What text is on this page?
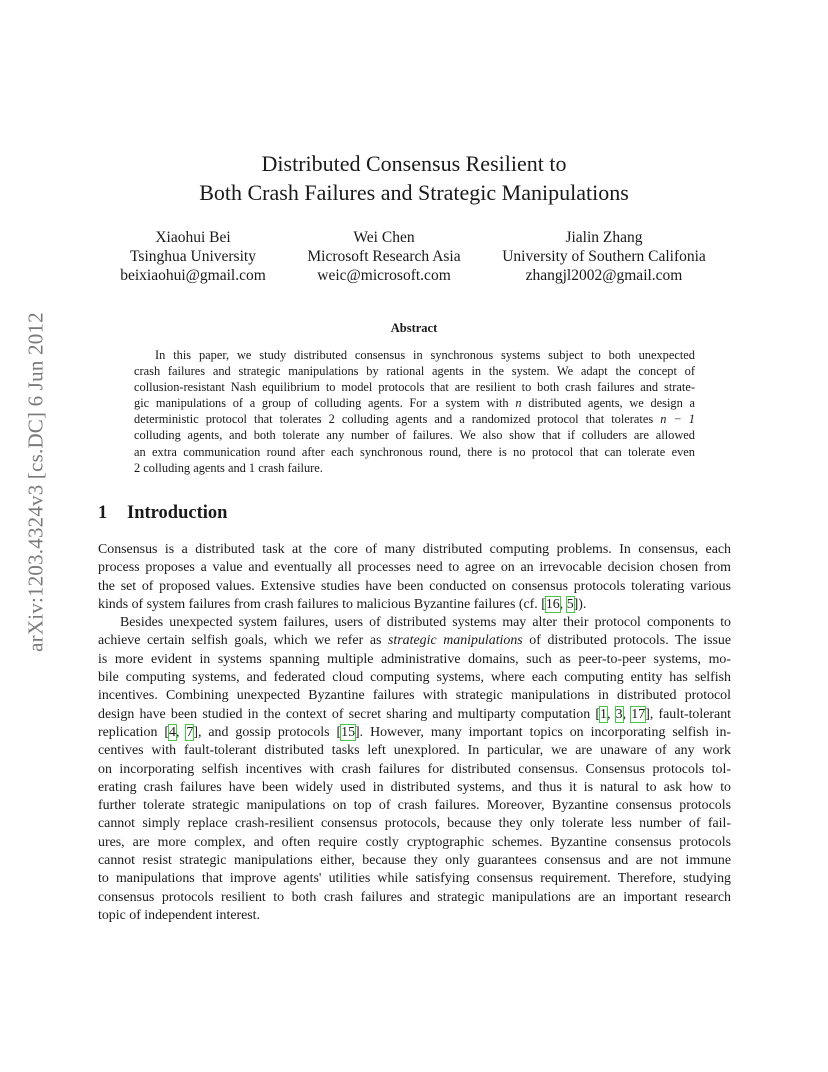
arXiv:1203.4324v3 [cs.DC] 6 Jun 2012
Distributed Consensus Resilient to
Both Crash Failures and Strategic Manipulations
Xiaohui Bei
Tsinghua University
beixiaohui@gmail.com
Wei Chen
Microsoft Research Asia
weic@microsoft.com
Jialin Zhang
University of Southern Califonia
zhangjl2002@gmail.com
Abstract
In this paper, we study distributed consensus in synchronous systems subject to both unexpected
crash failures and strategic manipulations by rational agents in the system. We adapt the concept of
collusion-resistant Nash equilibrium to model protocols that are resilient to both crash failures and strate-
gic manipulations of a group of colluding agents. For a system with n distributed agents, we design a
deterministic protocol that tolerates 2 colluding agents and a randomized protocol that tolerates n − 1
colluding agents, and both tolerate any number of failures. We also show that if colluders are allowed
an extra communication round after each synchronous round, there is no protocol that can tolerate even
2 colluding agents and 1 crash failure.
1 Introduction
Consensus is a distributed task at the core of many distributed computing problems. In consensus, each
process proposes a value and eventually all processes need to agree on an irrevocable decision chosen from
the set of proposed values. Extensive studies have been conducted on consensus protocols tolerating various
kinds of system failures from crash failures to malicious Byzantine failures (cf. [16, 5]).
Besides unexpected system failures, users of distributed systems may alter their protocol components to
achieve certain selfish goals, which we refer as strategic manipulations of distributed protocols. The issue
is more evident in systems spanning multiple administrative domains, such as peer-to-peer systems, mo-
bile computing systems, and federated cloud computing systems, where each computing entity has selfish
incentives. Combining unexpected Byzantine failures with strategic manipulations in distributed protocol
design have been studied in the context of secret sharing and multiparty computation [1, 3, 17], fault-tolerant
replication [4, 7], and gossip protocols [15]. However, many important topics on incorporating selfish in-
centives with fault-tolerant distributed tasks left unexplored. In particular, we are unaware of any work
on incorporating selfish incentives with crash failures for distributed consensus. Consensus protocols tol-
erating crash failures have been widely used in distributed systems, and thus it is natural to ask how to
further tolerate strategic manipulations on top of crash failures. Moreover, Byzantine consensus protocols
cannot simply replace crash-resilient consensus protocols, because they only tolerate less number of fail-
ures, are more complex, and often require costly cryptographic schemes. Byzantine consensus protocols
cannot resist strategic manipulations either, because they only guarantees consensus and are not immune
to manipulations that improve agents' utilities while satisfying consensus requirement. Therefore, studying
consensus protocols resilient to both crash failures and strategic manipulations are an important research
topic of independent interest.
